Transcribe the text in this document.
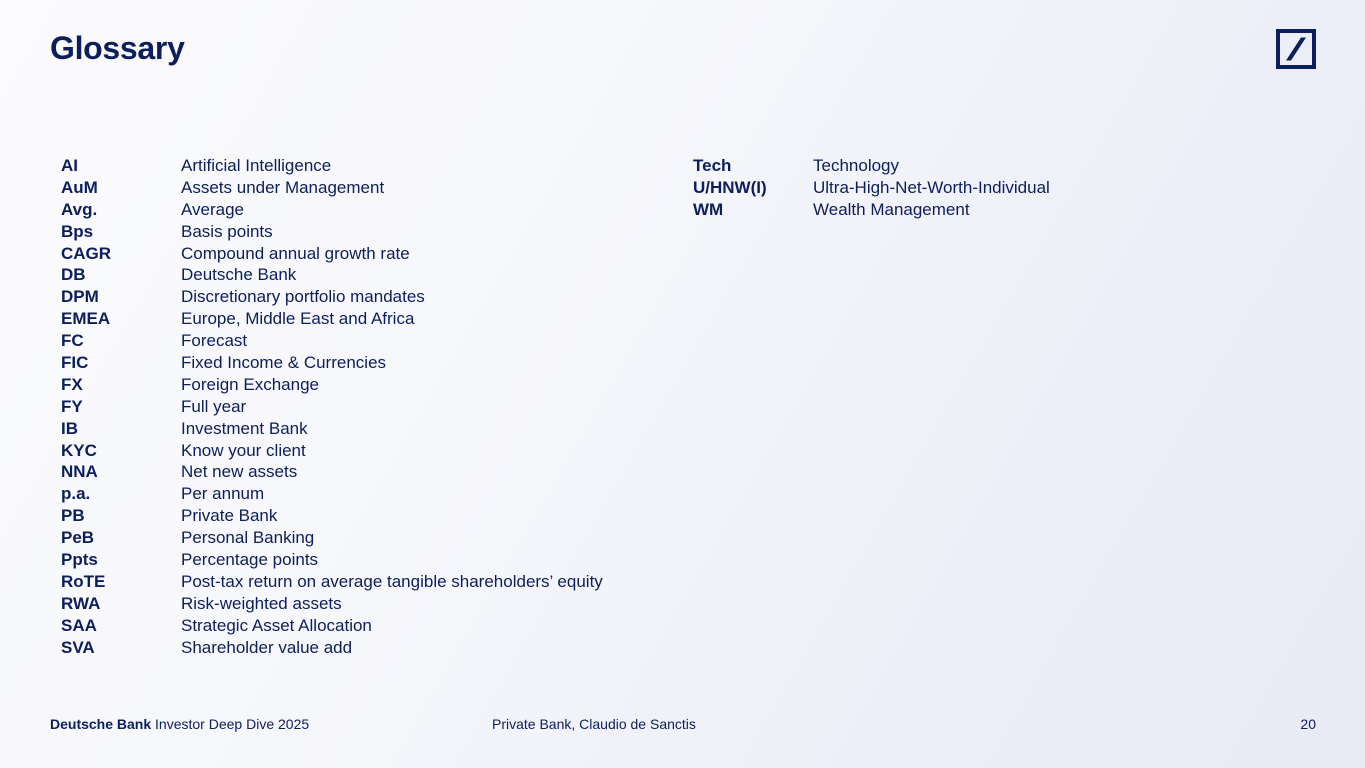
Glossary
AI	Artificial Intelligence
AuM	Assets under Management
Avg.	Average
Bps	Basis points
CAGR	Compound annual growth rate
DB	Deutsche Bank
DPM	Discretionary portfolio mandates
EMEA	Europe, Middle East and Africa
FC	Forecast
FIC	Fixed Income & Currencies
FX	Foreign Exchange
FY	Full year
IB	Investment Bank
KYC	Know your client
NNA	Net new assets
p.a.	Per annum
PB	Private Bank
PeB	Personal Banking
Ppts	Percentage points
RoTE	Post-tax return on average tangible shareholders’ equity
RWA	Risk-weighted assets
SAA	Strategic Asset Allocation
SVA	Shareholder value add
Tech	Technology
U/HNW(I)	Ultra-High-Net-Worth-Individual
WM	Wealth Management
Deutsche Bank Investor Deep Dive 2025	Private Bank, Claudio de Sanctis	20
